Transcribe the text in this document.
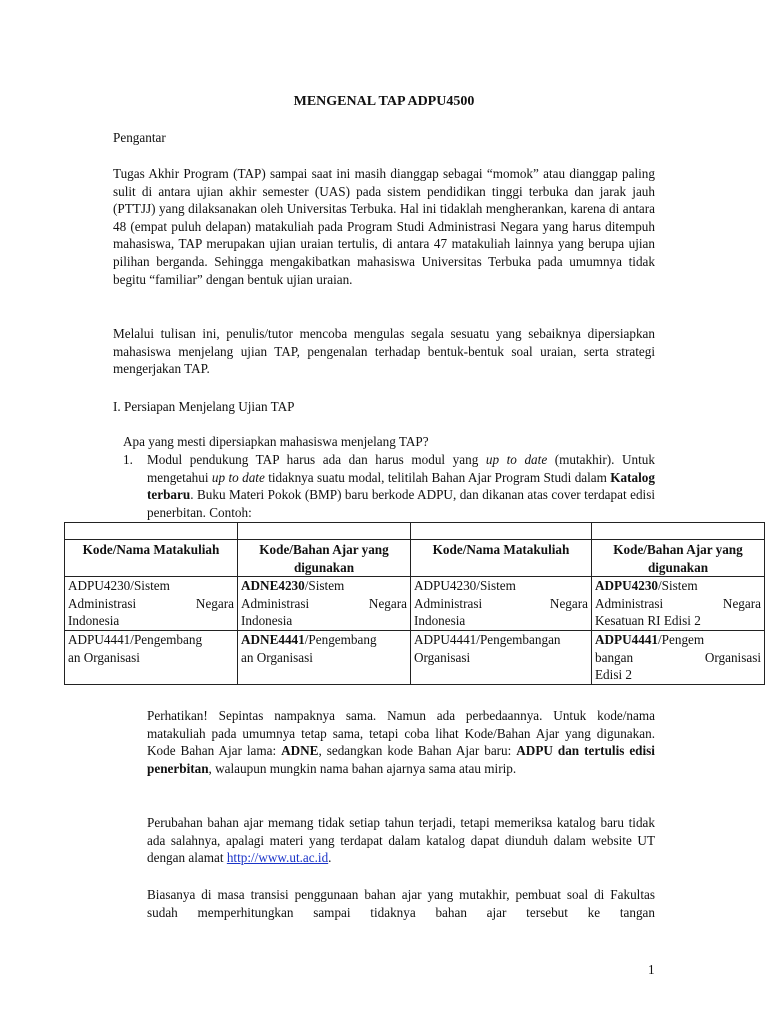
MENGENAL TAP ADPU4500

Pengantar

Tugas Akhir Program (TAP) sampai saat ini masih dianggap sebagai “momok” atau dianggap paling sulit di antara ujian akhir semester (UAS) pada sistem pendidikan tinggi terbuka dan jarak jauh (PTTJJ) yang dilaksanakan oleh Universitas Terbuka. Hal ini tidaklah mengherankan, karena di antara 48 (empat puluh delapan) matakuliah pada Program Studi Administrasi Negara yang harus ditempuh mahasiswa, TAP merupakan ujian uraian tertulis, di antara 47 matakuliah lainnya yang berupa ujian pilihan berganda. Sehingga mengakibatkan mahasiswa Universitas Terbuka pada umumnya tidak begitu “familiar” dengan bentuk ujian uraian.

Melalui tulisan ini, penulis/tutor mencoba mengulas segala sesuatu yang sebaiknya dipersiapkan mahasiswa menjelang ujian TAP, pengenalan terhadap bentuk-bentuk soal uraian, serta strategi mengerjakan TAP.

I. Persiapan Menjelang Ujian TAP

Apa yang mesti dipersiapkan mahasiswa menjelang TAP?

1. Modul pendukung TAP harus ada dan harus modul yang up to date (mutakhir). Untuk mengetahui up to date tidaknya suatu modal, telitilah Bahan Ajar Program Studi dalam Katalog terbaru. Buku Materi Pokok (BMP) baru berkode ADPU, dan dikanan atas cover terdapat edisi penerbitan. Contoh:

Kode/Nama Matakuliah	Kode/Bahan Ajar yang digunakan	Kode/Nama Matakuliah	Kode/Bahan Ajar yang digunakan

ADPU4230/Sistem
Administrasi Negara
Indonesia	ADNE4230/Sistem
Administrasi Negara
Indonesia	ADPU4230/Sistem
Administrasi Negara
Indonesia	ADPU4230/Sistem
Administrasi Negara
Kesatuan RI Edisi 2

ADPU4441/Pengembang
an Organisasi	ADNE4441/Pengembang
an Organisasi	ADPU4441/Pengembangan
Organisasi	ADPU4441/Pengem
bangan Organisasi
Edisi 2

Perhatikan! Sepintas nampaknya sama. Namun ada perbedaannya. Untuk kode/nama matakuliah pada umumnya tetap sama, tetapi coba lihat Kode/Bahan Ajar yang digunakan. Kode Bahan Ajar lama: ADNE, sedangkan kode Bahan Ajar baru: ADPU dan tertulis edisi penerbitan, walaupun mungkin nama bahan ajarnya sama atau mirip.

Perubahan bahan ajar memang tidak setiap tahun terjadi, tetapi memeriksa katalog baru tidak ada salahnya, apalagi materi yang terdapat dalam katalog dapat diunduh dalam website UT dengan alamat http://www.ut.ac.id.

Biasanya di masa transisi penggunaan bahan ajar yang mutakhir, pembuat soal di Fakultas sudah memperhitungkan sampai tidaknya bahan ajar tersebut ke tangan

1
